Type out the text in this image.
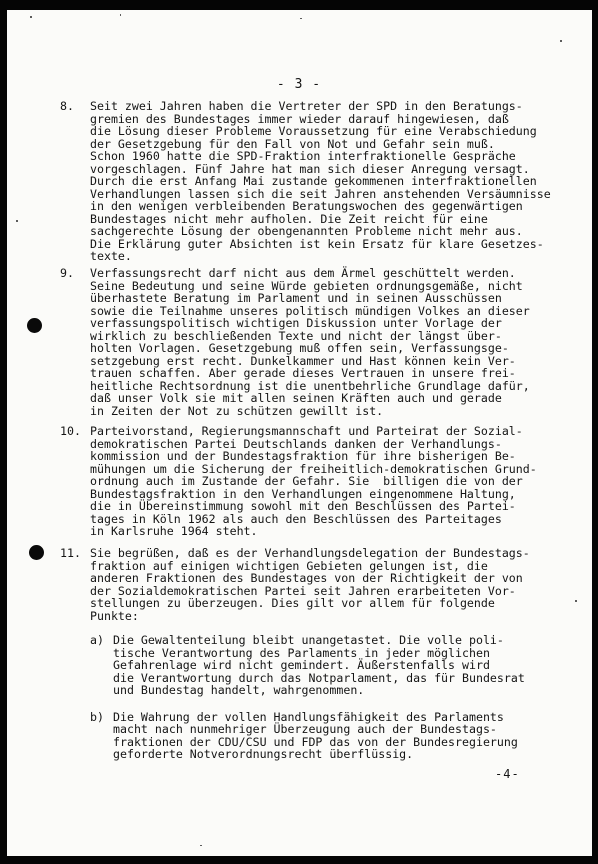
- 3 -
8.	Seit zwei Jahren haben die Vertreter der SPD in den Beratungs-
gremien des Bundestages immer wieder darauf hingewiesen, daß
die Lösung dieser Probleme Voraussetzung für eine Verabschiedung
der Gesetzgebung für den Fall von Not und Gefahr sein muß.
Schon 1960 hatte die SPD-Fraktion interfraktionelle Gespräche
vorgeschlagen. Fünf Jahre hat man sich dieser Anregung versagt.
Durch die erst Anfang Mai zustande gekommenen interfraktionellen
Verhandlungen lassen sich die seit Jahren anstehenden Versäumnisse
in den wenigen verbleibenden Beratungswochen des gegenwärtigen
Bundestages nicht mehr aufholen. Die Zeit reicht für eine
sachgerechte Lösung der obengenannten Probleme nicht mehr aus.
Die Erklärung guter Absichten ist kein Ersatz für klare Gesetzes-
texte.
9.	Verfassungsrecht darf nicht aus dem Ärmel geschüttelt werden.
Seine Bedeutung und seine Würde gebieten ordnungsgemäße, nicht
überhastete Beratung im Parlament und in seinen Ausschüssen
sowie die Teilnahme unseres politisch mündigen Volkes an dieser
verfassungspolitisch wichtigen Diskussion unter Vorlage der
wirklich zu beschließenden Texte und nicht der längst über-
holten Vorlagen. Gesetzgebung muß offen sein, Verfassungsge-
setzgebung erst recht. Dunkelkammer und Hast können kein Ver-
trauen schaffen. Aber gerade dieses Vertrauen in unsere frei-
heitliche Rechtsordnung ist die unentbehrliche Grundlage dafür,
daß unser Volk sie mit allen seinen Kräften auch und gerade
in Zeiten der Not zu schützen gewillt ist.
10. Parteivorstand, Regierungsmannschaft und Parteirat der Sozial-
demokratischen Partei Deutschlands danken der Verhandlungs-
kommission und der Bundestagsfraktion für ihre bisherigen Be-
mühungen um die Sicherung der freiheitlich-demokratischen Grund-
ordnung auch im Zustande der Gefahr. Sie  billigen die von der
Bundestagsfraktion in den Verhandlungen eingenommene Haltung,
die in Übereinstimmung sowohl mit den Beschlüssen des Partei-
tages in Köln 1962 als auch den Beschlüssen des Parteitages
in Karlsruhe 1964 steht.
11. Sie begrüßen, daß es der Verhandlungsdelegation der Bundestags-
fraktion auf einigen wichtigen Gebieten gelungen ist, die
anderen Fraktionen des Bundestages von der Richtigkeit der von
der Sozialdemokratischen Partei seit Jahren erarbeiteten Vor-
stellungen zu überzeugen. Dies gilt vor allem für folgende
Punkte:
a) Die Gewaltenteilung bleibt unangetastet. Die volle poli-
tische Verantwortung des Parlaments in jeder möglichen
Gefahrenlage wird nicht gemindert. Äußerstenfalls wird
die Verantwortung durch das Notparlament, das für Bundesrat
und Bundestag handelt, wahrgenommen.
b) Die Wahrung der vollen Handlungsfähigkeit des Parlaments
macht nach nunmehriger Überzeugung auch der Bundestags-
fraktionen der CDU/CSU und FDP das von der Bundesregierung
geforderte Notverordnungsrecht überflüssig.
-4-
